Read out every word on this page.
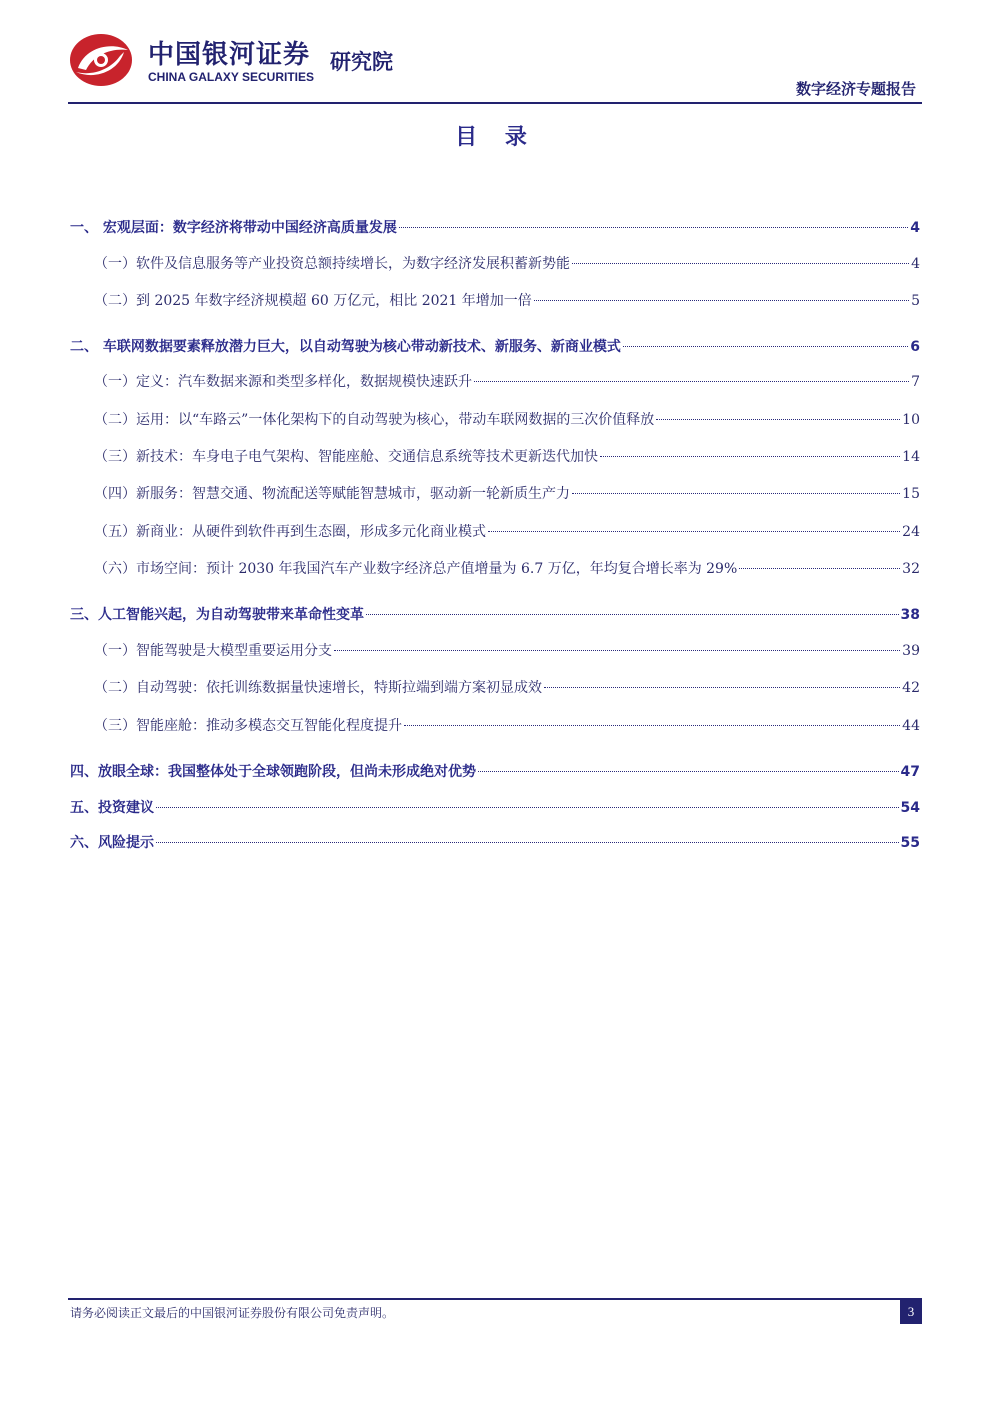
中国银河证券
CHINA GALAXY SECURITIES
研究院
数字经济专题报告
目 录
一、 宏观层面：数字经济将带动中国经济高质量发展	4
（一）软件及信息服务等产业投资总额持续增长，为数字经济发展积蓄新势能	4
（二）到 2025 年数字经济规模超 60 万亿元，相比 2021 年增加一倍	5
二、 车联网数据要素释放潜力巨大，以自动驾驶为核心带动新技术、新服务、新商业模式	6
（一）定义：汽车数据来源和类型多样化，数据规模快速跃升	7
（二）运用：以“车路云”一体化架构下的自动驾驶为核心，带动车联网数据的三次价值释放	10
（三）新技术：车身电子电气架构、智能座舱、交通信息系统等技术更新迭代加快	14
（四）新服务：智慧交通、物流配送等赋能智慧城市，驱动新一轮新质生产力	15
（五）新商业：从硬件到软件再到生态圈，形成多元化商业模式	24
（六）市场空间：预计 2030 年我国汽车产业数字经济总产值增量为 6.7 万亿，年均复合增长率为 29%	32
三、人工智能兴起，为自动驾驶带来革命性变革	38
（一）智能驾驶是大模型重要运用分支	39
（二）自动驾驶：依托训练数据量快速增长，特斯拉端到端方案初显成效	42
（三）智能座舱：推动多模态交互智能化程度提升	44
四、放眼全球：我国整体处于全球领跑阶段，但尚未形成绝对优势	47
五、投资建议	54
六、风险提示	55
请务必阅读正文最后的中国银河证券股份有限公司免责声明。	3
